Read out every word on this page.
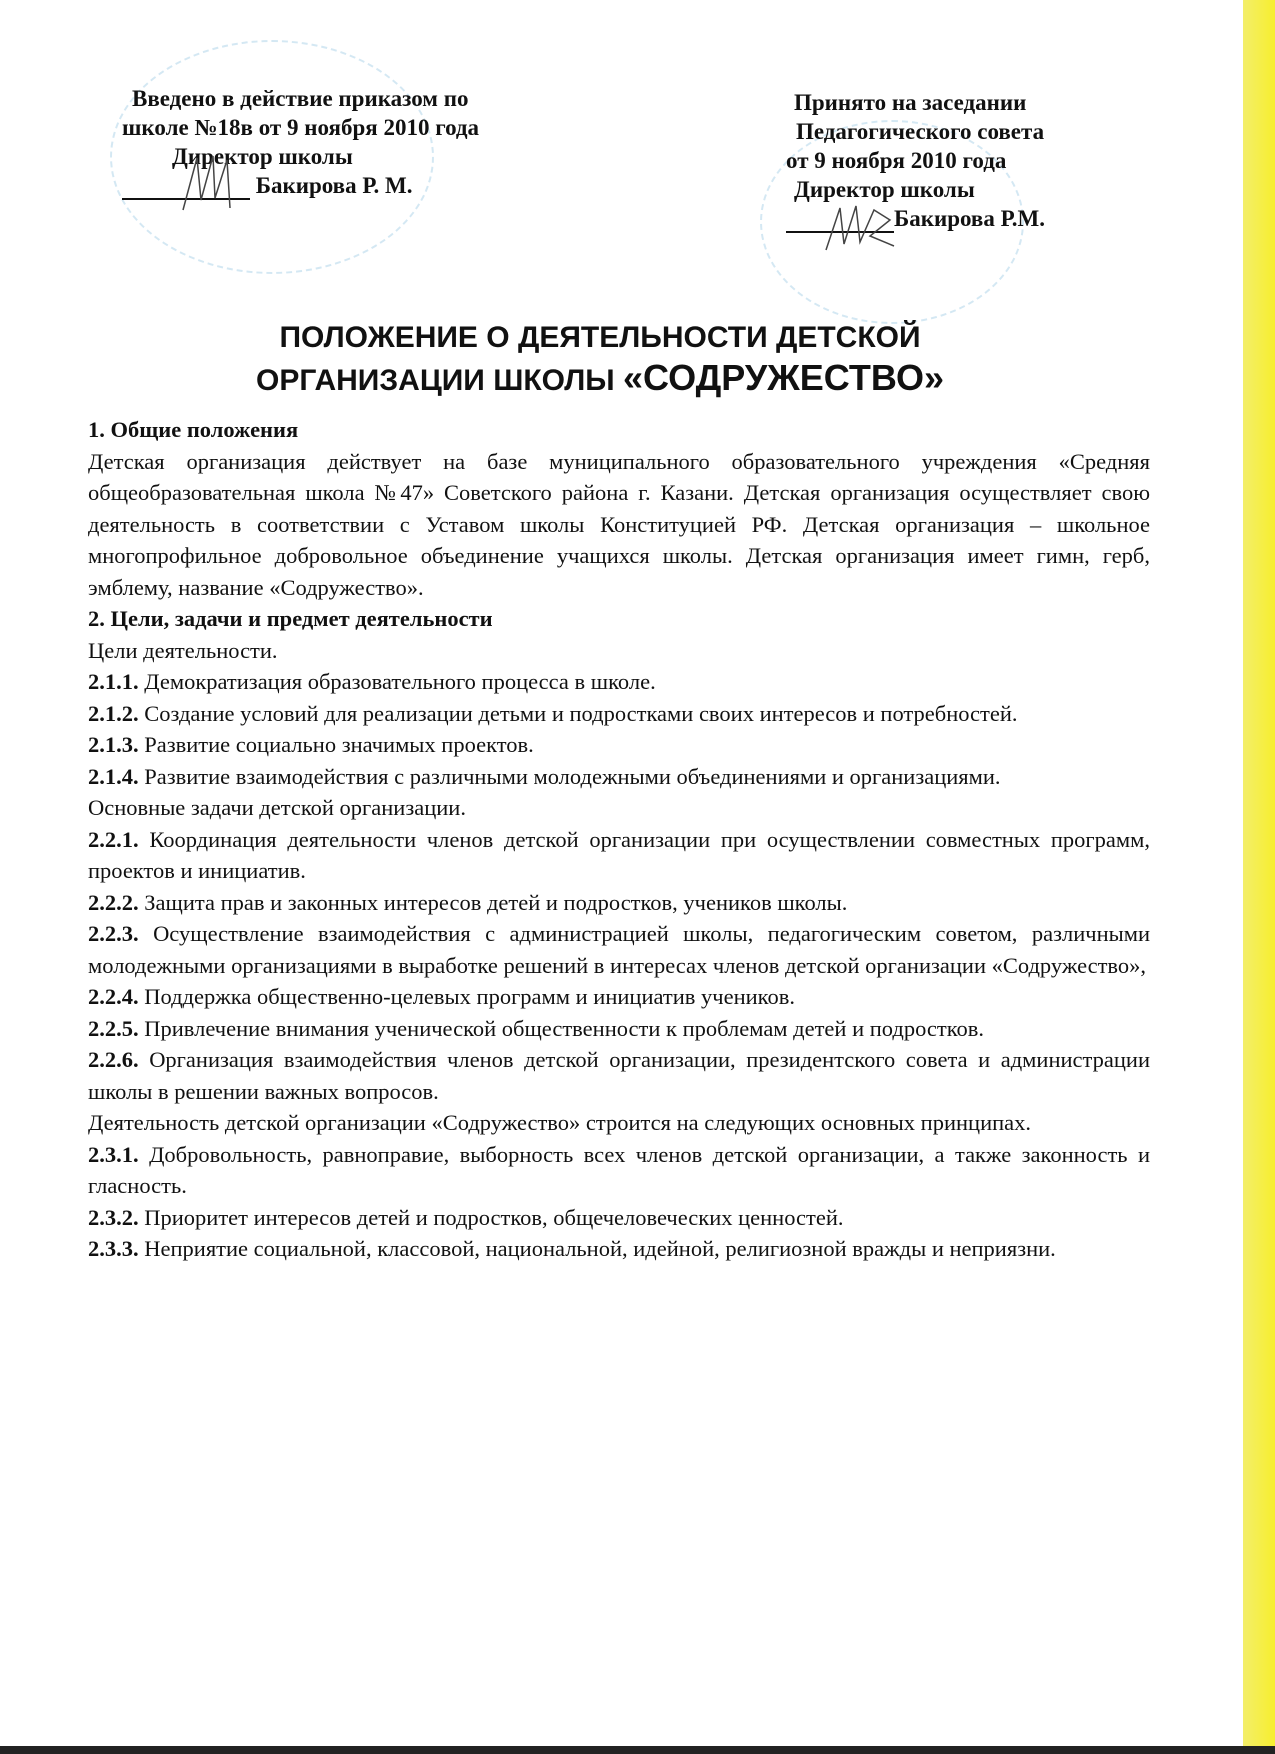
Введено в действие приказом по
школе №18в от 9 ноября 2010 года
Директор школы
Бакирова Р. М.
Принято на заседании
Педагогического совета
от 9 ноября 2010 года
Директор школы
Бакирова Р.М.
ПОЛОЖЕНИЕ О ДЕЯТЕЛЬНОСТИ ДЕТСКОЙ
ОРГАНИЗАЦИИ ШКОЛЫ «СОДРУЖЕСТВО»

1. Общие положения

Детская организация действует на базе муниципального образовательного учреждения «Средняя общеобразовательная школа №47» Советского района г. Казани. Детская организация осуществляет свою деятельность в соответствии с Уставом школы Конституцией РФ. Детская организация – школьное многопрофильное добровольное объединение учащихся школы. Детская организация имеет гимн, герб, эмблему, название «Содружество».

2. Цели, задачи и предмет деятельности

Цели деятельности.

2.1.1. Демократизация образовательного процесса в школе.

2.1.2. Создание условий для реализации детьми и подростками своих интересов и потребностей.

2.1.3. Развитие социально значимых проектов.

2.1.4. Развитие взаимодействия с различными молодежными объединениями и организациями.

Основные задачи детской организации.

2.2.1. Координация деятельности членов детской организации при осуществлении совместных программ, проектов и инициатив.

2.2.2. Защита прав и законных интересов детей и подростков, учеников школы.

2.2.3. Осуществление взаимодействия с администрацией школы, педагогическим советом, различными молодежными организациями в выработке решений в интересах членов детской организации «Содружество»,

2.2.4. Поддержка общественно-целевых программ и инициатив учеников.

2.2.5. Привлечение внимания ученической общественности к проблемам детей и подростков.

2.2.6. Организация взаимодействия членов детской организации, президентского совета и администрации школы в решении важных вопросов.

Деятельность детской организации «Содружество» строится на следующих основных принципах.

2.3.1. Добровольность, равноправие, выборность всех членов детской организации, а также законность и гласность.

2.3.2. Приоритет интересов детей и подростков, общечеловеческих ценностей.

2.3.3. Неприятие социальной, классовой, национальной, идейной, религиозной вражды и неприязни.
